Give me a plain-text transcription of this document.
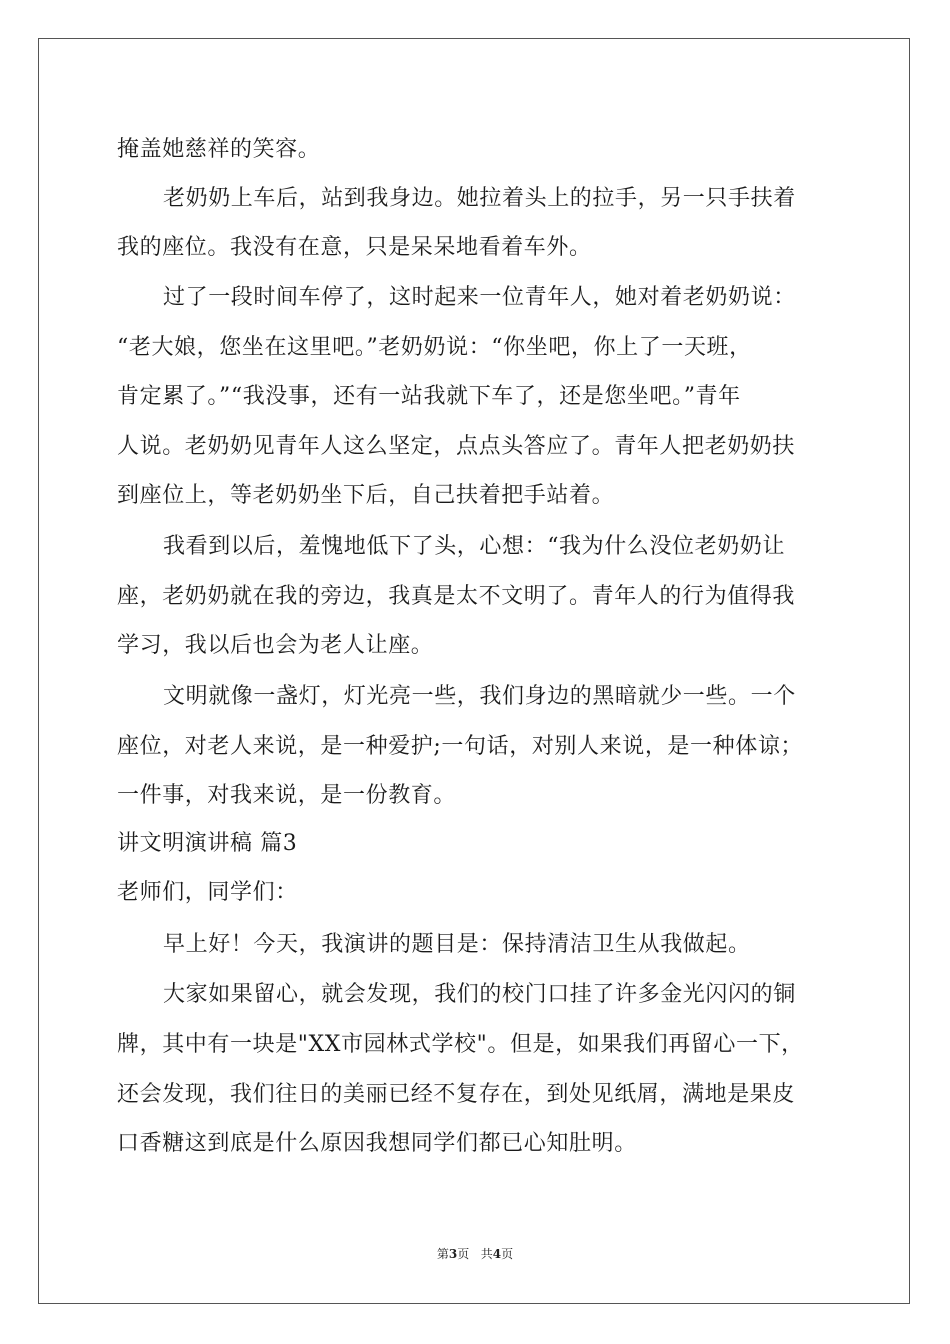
掩盖她慈祥的笑容。
老奶奶上车后，站到我身边。她拉着头上的拉手，另一只手扶着
我的座位。我没有在意，只是呆呆地看着车外。
过了一段时间车停了，这时起来一位青年人，她对着老奶奶说：
“老大娘，您坐在这里吧。”老奶奶说：“你坐吧，你上了一天班，
肯定累了。”“我没事，还有一站我就下车了，还是您坐吧。”青年
人说。老奶奶见青年人这么坚定，点点头答应了。青年人把老奶奶扶
到座位上，等老奶奶坐下后，自己扶着把手站着。
我看到以后，羞愧地低下了头，心想：“我为什么没位老奶奶让
座，老奶奶就在我的旁边，我真是太不文明了。青年人的行为值得我
学习，我以后也会为老人让座。
文明就像一盏灯，灯光亮一些，我们身边的黑暗就少一些。一个
座位，对老人来说，是一种爱护;一句话，对别人来说，是一种体谅；
一件事，对我来说，是一份教育。
讲文明演讲稿 篇3
老师们，同学们：
早上好！今天，我演讲的题目是：保持清洁卫生从我做起。
大家如果留心，就会发现，我们的校门口挂了许多金光闪闪的铜
牌，其中有一块是"XX市园林式学校"。但是，如果我们再留心一下，
还会发现，我们往日的美丽已经不复存在，到处见纸屑，满地是果皮
口香糖这到底是什么原因我想同学们都已心知肚明。
第3页 共4页
